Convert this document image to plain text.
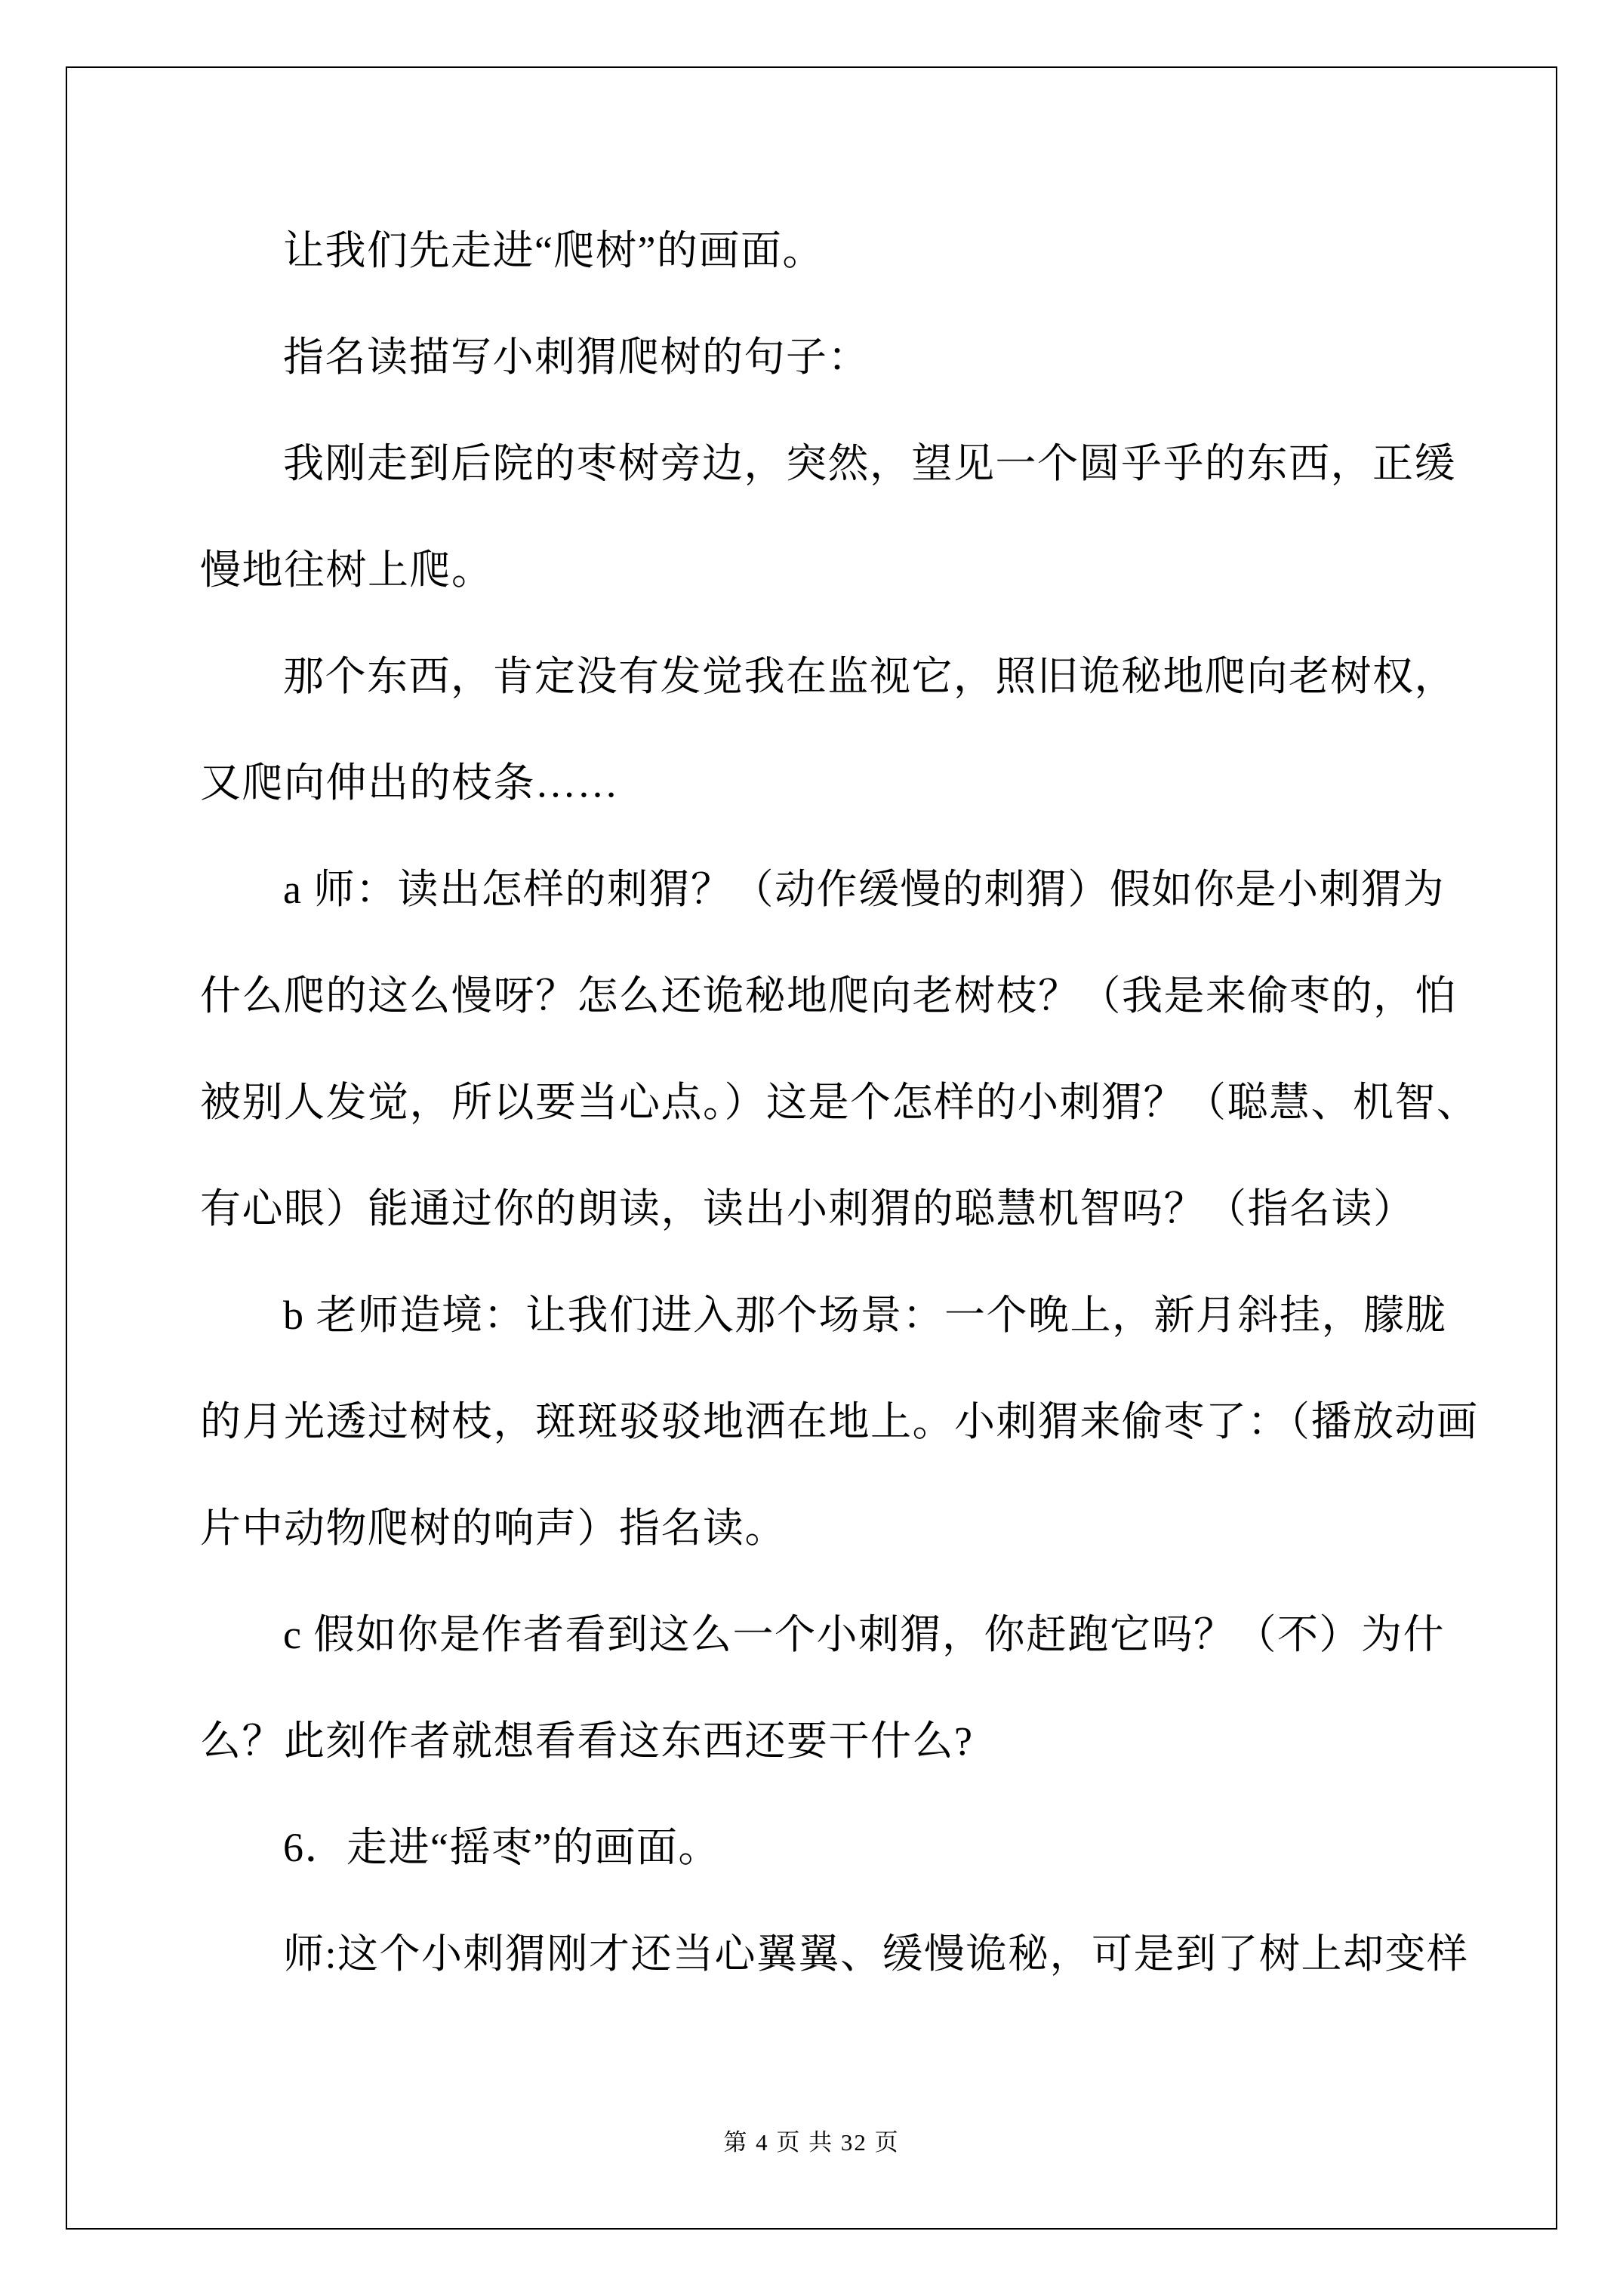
让我们先走进“爬树”的画面。
指名读描写小刺猬爬树的句子：
我刚走到后院的枣树旁边，突然，望见一个圆乎乎的东西，正缓
慢地往树上爬。
那个东西，肯定没有发觉我在监视它，照旧诡秘地爬向老树权，
又爬向伸出的枝条……
a 师：读出怎样的刺猬？（动作缓慢的刺猬）假如你是小刺猬为
什么爬的这么慢呀？怎么还诡秘地爬向老树枝？（我是来偷枣的，怕
被别人发觉，所以要当心点。）这是个怎样的小刺猬？（聪慧、机智、
有心眼）能通过你的朗读，读出小刺猬的聪慧机智吗？（指名读）
b 老师造境：让我们进入那个场景：一个晚上，新月斜挂，朦胧
的月光透过树枝，斑斑驳驳地洒在地上。小刺猬来偷枣了：（播放动画
片中动物爬树的响声）指名读。
c 假如你是作者看到这么一个小刺猬，你赶跑它吗？（不）为什
么？此刻作者就想看看这东西还要干什么?
6．走进“摇枣”的画面。
师:这个小刺猬刚才还当心翼翼、缓慢诡秘，可是到了树上却变样
第 4 页 共 32 页
